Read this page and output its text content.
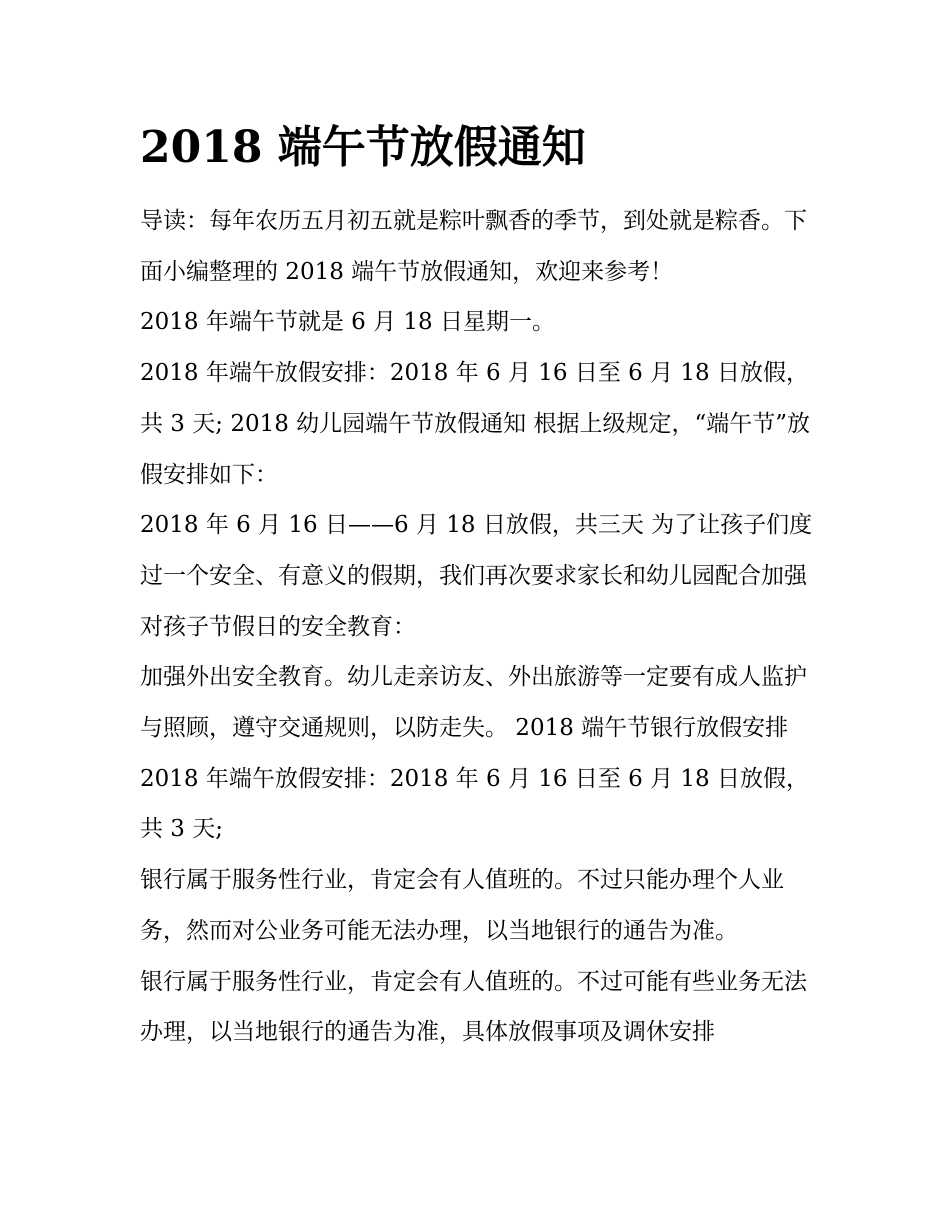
2018 端午节放假通知

导读：每年农历五月初五就是粽叶飘香的季节，到处就是粽香。下面小编整理的 2018 端午节放假通知，欢迎来参考！

2018 年端午节就是 6 月 18 日星期一。

2018 年端午放假安排：2018 年 6 月 16 日至 6 月 18 日放假，共 3 天; 2018 幼儿园端午节放假通知 根据上级规定，“端午节”放假安排如下：

2018 年 6 月 16 日——6 月 18 日放假，共三天 为了让孩子们度过一个安全、有意义的假期，我们再次要求家长和幼儿园配合加强对孩子节假日的安全教育：

加强外出安全教育。幼儿走亲访友、外出旅游等一定要有成人监护与照顾，遵守交通规则，以防走失。 2018 端午节银行放假安排

2018 年端午放假安排：2018 年 6 月 16 日至 6 月 18 日放假，共 3 天;

银行属于服务性行业，肯定会有人值班的。不过只能办理个人业务，然而对公业务可能无法办理，以当地银行的通告为准。

银行属于服务性行业，肯定会有人值班的。不过可能有些业务无法办理，以当地银行的通告为准，具体放假事项及调休安排
